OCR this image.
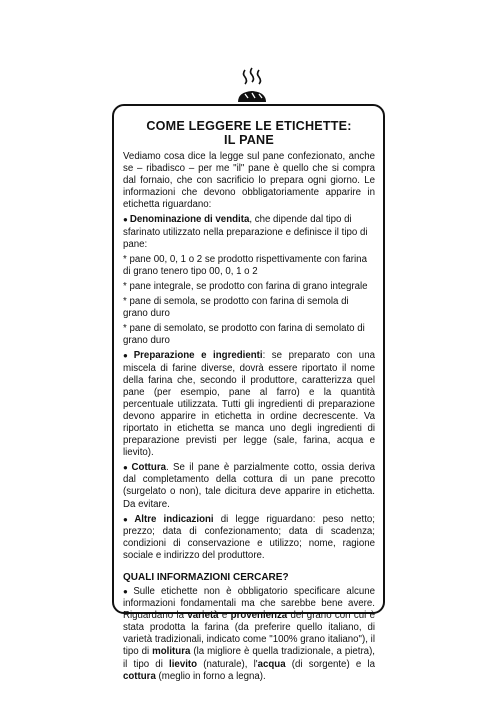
COME LEGGERE LE ETICHETTE:
IL PANE

Vediamo cosa dice la legge sul pane confezionato, anche se – ribadisco – per me "il" pane è quello che si compra dal fornaio, che con sacrificio lo prepara ogni giorno. Le informazioni che devono obbligatoriamente apparire in etichetta riguardano:

● Denominazione di vendita, che dipende dal tipo di sfarinato utilizzato nella preparazione e definisce il tipo di pane:

* pane 00, 0, 1 o 2 se prodotto rispettivamente con farina di grano tenero tipo 00, 0, 1 o 2

* pane integrale, se prodotto con farina di grano integrale

* pane di semola, se prodotto con farina di semola di grano duro

* pane di semolato, se prodotto con farina di semolato di grano duro

● Preparazione e ingredienti: se preparato con una miscela di farine diverse, dovrà essere riportato il nome della farina che, secondo il produttore, caratterizza quel pane (per esempio, pane al farro) e la quantità percentuale utilizzata. Tutti gli ingredienti di preparazione devono apparire in etichetta in ordine decrescente. Va riportato in etichetta se manca uno degli ingredienti di preparazione previsti per legge (sale, farina, acqua e lievito).

● Cottura. Se il pane è parzialmente cotto, ossia deriva dal completamento della cottura di un pane precotto (surgelato o non), tale dicitura deve apparire in etichetta. Da evitare.

● Altre indicazioni di legge riguardano: peso netto; prezzo; data di confezionamento; data di scadenza; condizioni di conservazione e utilizzo; nome, ragione sociale e indirizzo del produttore.

QUALI INFORMAZIONI CERCARE?

● Sulle etichette non è obbligatorio specificare alcune informazioni fondamentali ma che sarebbe bene avere. Riguardano la varietà e provenienza del grano con cui è stata prodotta la farina (da preferire quello italiano, di varietà tradizionali, indicato come "100% grano italiano"), il tipo di molitura (la migliore è quella tradizionale, a pietra), il tipo di lievito (naturale), l'acqua (di sorgente) e la cottura (meglio in forno a legna).
